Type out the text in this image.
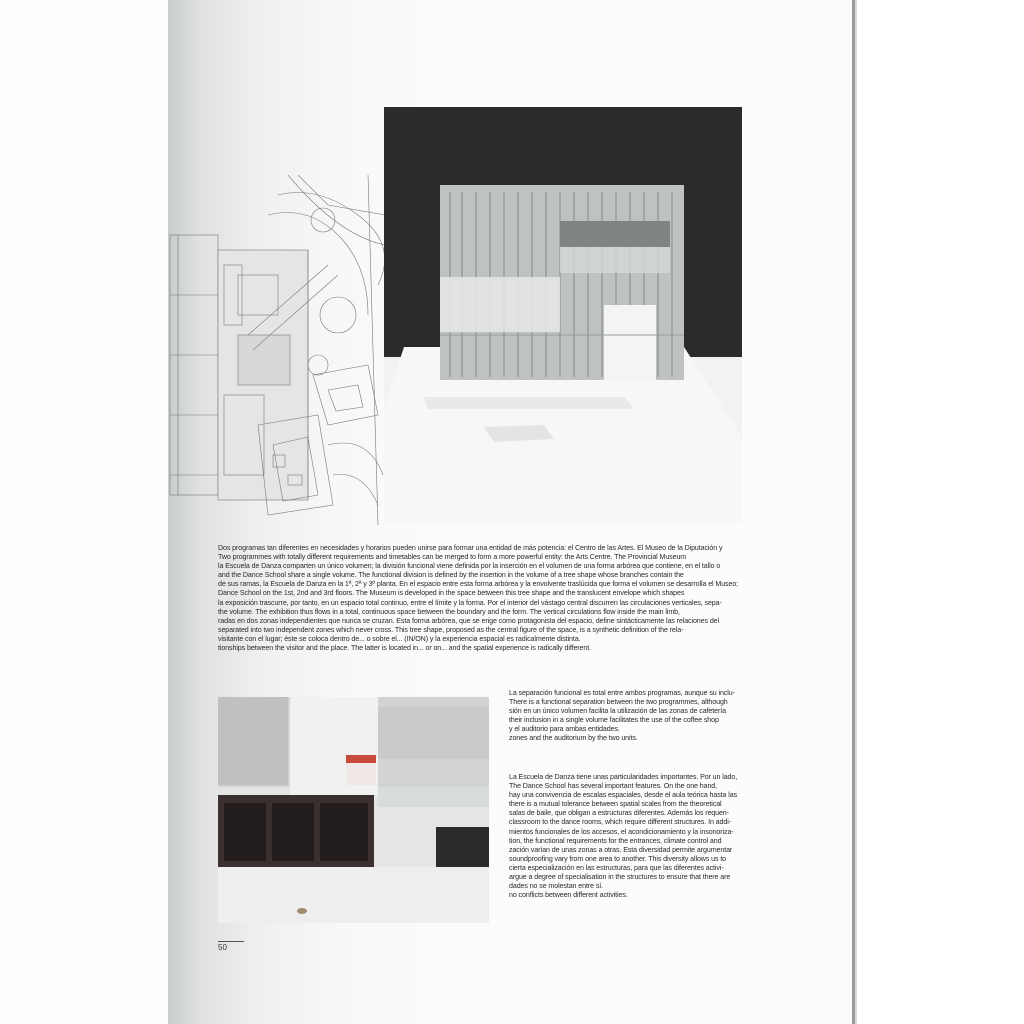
Dos programas tan diferentes en necesidades y horarios pueden unirse para formar una entidad de más potencia: el Centro de las Artes. El Museo de la Diputación y
Two programmes with totally different requirements and timetables can be merged to form a more powerful entity: the Arts Centre. The Provincial Museum
la Escuela de Danza comparten un único volumen; la división funcional viene definida por la inserción en el volumen de una forma arbórea que contiene, en el tallo o
and the Dance School share a single volume. The functional division is defined by the insertion in the volume of a tree shape whose branches contain the
de sus ramas, la Escuela de Danza en la 1ª, 2ª y 3ª planta. En el espacio entre esta forma arbórea y la envolvente traslúcida que forma el volumen se desarrolla el Museo;
Dance School on the 1st, 2nd and 3rd floors. The Museum is developed in the space between this tree shape and the translucent envelope which shapes
la exposición trascurre, por tanto, en un espacio total continuo, entre el límite y la forma. Por el interior del vástago central discurren las circulaciones verticales, sepa-
the volume. The exhibition thus flows in a total, continuous space between the boundary and the form. The vertical circulations flow inside the main limb,
radas en dos zonas independientes que nunca se cruzan. Esta forma arbórea, que se erige como protagonista del espacio, define sintácticamente las relaciones del
separated into two independent zones which never cross. This tree shape, proposed as the central figure of the space, is a synthetic definition of the rela-
visitante con el lugar; éste se coloca dentro de... o sobre el... (IN/ON) y la experiencia espacial es radicalmente distinta.
tionships between the visitor and the place. The latter is located in... or on... and the spatial experience is radically different.

La separación funcional es total entre ambos programas, aunque su inclu-
There is a functional separation between the two programmes, although
sión en un único volumen facilita la utilización de las zonas de cafetería
their inclusion in a single volume facilitates the use of the coffee shop
y el auditorio para ambas entidades.
zones and the auditorium by the two units.

La Escuela de Danza tiene unas particularidades importantes. Por un lado,
The Dance School has several important features. On the one hand,
hay una convivencia de escalas espaciales, desde el aula teórica hasta las
there is a mutual tolerance between spatial scales from the theoretical
salas de baile, que obligan a estructuras diferentes. Además los requeri-
classroom to the dance rooms, which require different structures. In addi-
mientos funcionales de los accesos, el acondicionamiento y la insonoriza-
tion, the functional requirements for the entrances, climate control and
zación varían de unas zonas a otras. Esta diversidad permite argumentar
soundproofing vary from one area to another. This diversity allows us to
cierta especialización en las estructuras, para que las diferentes activi-
argue a degree of specialisation in the structures to ensure that there are
dades no se molestan entre sí.
no conflicts between different activities.

50
